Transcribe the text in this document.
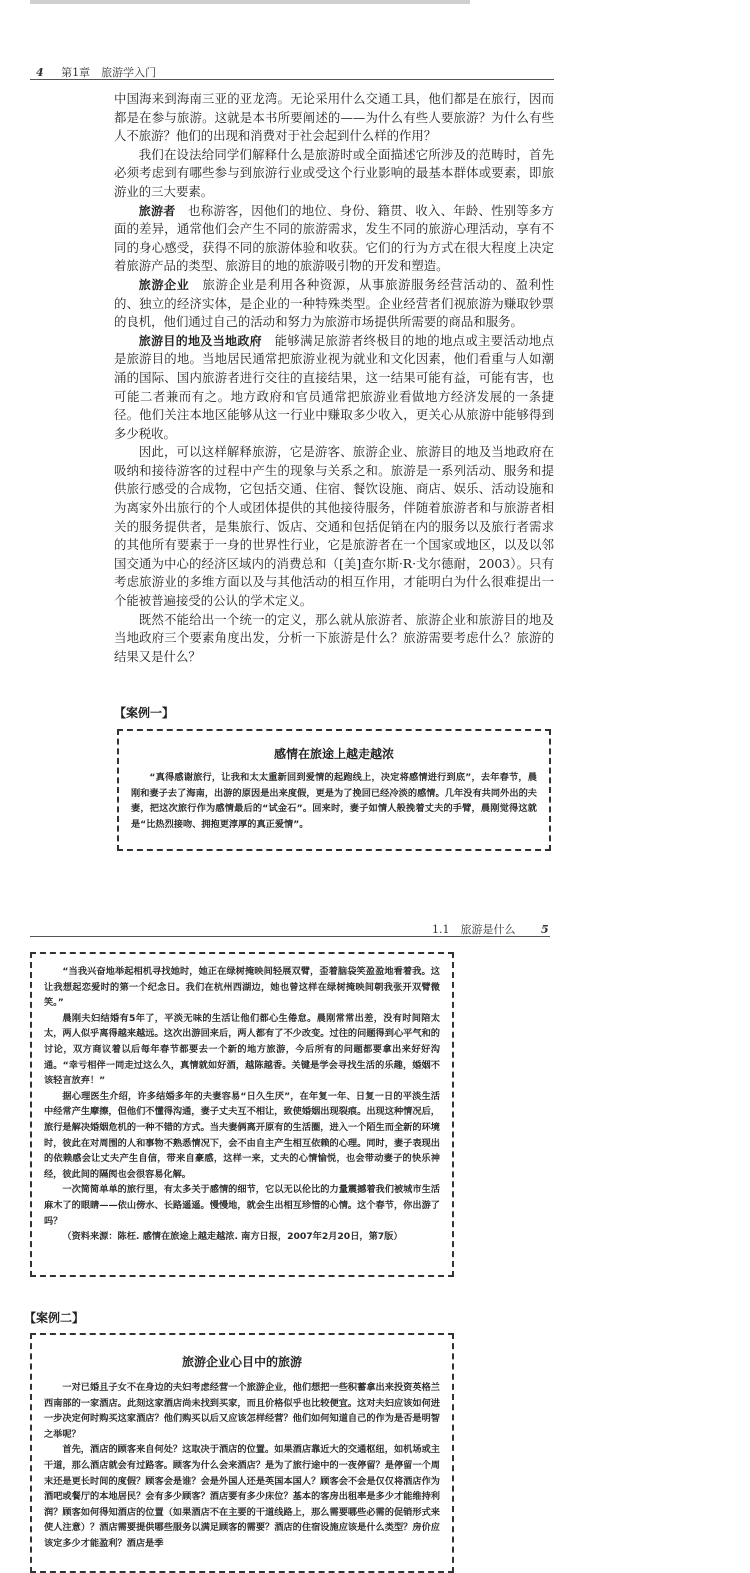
4 第1章　旅游学入门

中国海来到海南三亚的亚龙湾。无论采用什么交通工具，他们都是在旅行，因而都是在参与旅游。这就是本书所要阐述的——为什么有些人要旅游？为什么有些人不旅游？他们的出现和消费对于社会起到什么样的作用？

我们在设法给同学们解释什么是旅游时或全面描述它所涉及的范畴时，首先必须考虑到有哪些参与到旅游行业或受这个行业影响的最基本群体或要素，即旅游业的三大要素。

旅游者　 也称游客，因他们的地位、身份、籍贯、收入、年龄、性别等多方面的差异，通常他们会产生不同的旅游需求，发生不同的旅游心理活动，享有不同的身心感受，获得不同的旅游体验和收获。它们的行为方式在很大程度上决定着旅游产品的类型、旅游目的地的旅游吸引物的开发和塑造。

旅游企业　 旅游企业是利用各种资源，从事旅游服务经营活动的、盈利性的、独立的经济实体，是企业的一种特殊类型。企业经营者们视旅游为赚取钞票的良机，他们通过自己的活动和努力为旅游市场提供所需要的商品和服务。

旅游目的地及当地政府　 能够满足旅游者终极目的地的地点或主要活动地点是旅游目的地。当地居民通常把旅游业视为就业和文化因素，他们看重与人如潮涌的国际、国内旅游者进行交往的直接结果，这一结果可能有益，可能有害，也可能二者兼而有之。地方政府和官员通常把旅游业看做地方经济发展的一条捷径。他们关注本地区能够从这一行业中赚取多少收入，更关心从旅游中能够得到多少税收。

因此，可以这样解释旅游，它是游客、旅游企业、旅游目的地及当地政府在吸纳和接待游客的过程中产生的现象与关系之和。旅游是一系列活动、服务和提供旅行感受的合成物，它包括交通、住宿、餐饮设施、商店、娱乐、活动设施和为离家外出旅行的个人或团体提供的其他接待服务，伴随着旅游者和与旅游者相关的服务提供者，是集旅行、饭店、交通和包括促销在内的服务以及旅行者需求的其他所有要素于一身的世界性行业，它是旅游者在一个国家或地区，以及以邻国交通为中心的经济区域内的消费总和（[美]查尔斯·R·戈尔德耐，2003）。只有考虑旅游业的多维方面以及与其他活动的相互作用，才能明白为什么很难提出一个能被普遍接受的公认的学术定义。

既然不能给出一个统一的定义，那么就从旅游者、旅游企业和旅游目的地及当地政府三个要素角度出发，分析一下旅游是什么？旅游需要考虑什么？旅游的结果又是什么？

【案例一】
感情在旅途上越走越浓

“真得感谢旅行，让我和太太重新回到爱情的起跑线上，决定将感情进行到底”，去年春节，晨刚和妻子去了海南，出游的原因是出来度假，更是为了挽回已经冷淡的感情。几年没有共同外出的夫妻，把这次旅行作为感情最后的“试金石”。回来时，妻子如情人般挽着丈夫的手臂，晨刚觉得这就是“比热烈接吻、拥抱更淳厚的真正爱情”。

1.1　旅游是什么 5

“当我兴奋地举起相机寻找她时，她正在绿树掩映间轻展双臂，歪着脑袋笑盈盈地看着我。这让我想起恋爱时的第一个纪念日。我们在杭州西湖边，她也曾这样在绿树掩映间朝我张开双臂微笑。”

晨刚夫妇结婚有5年了，平淡无味的生活让他们都心生倦怠。晨刚常常出差，没有时间陪太太，两人似乎离得越来越远。这次出游回来后，两人都有了不少改变。过往的问题得到心平气和的讨论，双方商议着以后每年春节都要去一个新的地方旅游，今后所有的问题都要拿出来好好沟通。“幸亏相伴一同走过这么久，真情就如好酒，越陈越香。关键是学会寻找生活的乐趣，婚姻不该轻言放弃！”

据心理医生介绍，许多结婚多年的夫妻容易“日久生厌”，在年复一年、日复一日的平淡生活中经常产生摩擦，但他们不懂得沟通，妻子丈夫互不相让，致使婚姻出现裂痕。出现这种情况后，旅行是解决婚姻危机的一种不错的方式。当夫妻俩离开原有的生活圈，进入一个陌生而全新的环境时，彼此在对周围的人和事物不熟悉情况下，会不由自主产生相互依赖的心理。同时，妻子表现出的依赖感会让丈夫产生自信，带来自豪感，这样一来，丈夫的心情愉悦，也会带动妻子的快乐神经，彼此间的隔阂也会很容易化解。

一次简简单单的旅行里，有太多关于感情的细节，它以无以伦比的力量震撼着我们被城市生活麻木了的眼睛——依山傍水、长路遥遥。慢慢地，就会生出相互珍惜的心情。这个春节，你出游了吗？

（资料来源：陈枉. 感情在旅途上越走越浓. 南方日报，2007年2月20日，第7版）

【案例二】
旅游企业心目中的旅游

一对已婚且子女不在身边的夫妇考虑经营一个旅游企业，他们想把一些积蓄拿出来投资英格兰西南部的一家酒店。此刻这家酒店尚未找到买家，而且价格似乎也比较便宜。这对夫妇应该如何进一步决定何时购买这家酒店？他们购买以后又应该怎样经营？他们如何知道自己的作为是否是明智之举呢？

首先，酒店的顾客来自何处？这取决于酒店的位置。如果酒店靠近大的交通枢纽，如机场或主干道，那么酒店就会有过路客。顾客为什么会来酒店？是为了旅行途中的一夜停留？是停留一个周末还是更长时间的度假？顾客会是谁？会是外国人还是英国本国人？顾客会不会是仅仅将酒店作为酒吧或餐厅的本地居民？会有多少顾客？酒店要有多少床位？基本的客房出租率是多少才能维持利润？顾客如何得知酒店的位置（如果酒店不在主要的干道线路上，那么需要哪些必需的促销形式来使人注意）？酒店需要提供哪些服务以满足顾客的需要？酒店的住宿设施应该是什么类型？房价应该定多少才能盈利？酒店是季
